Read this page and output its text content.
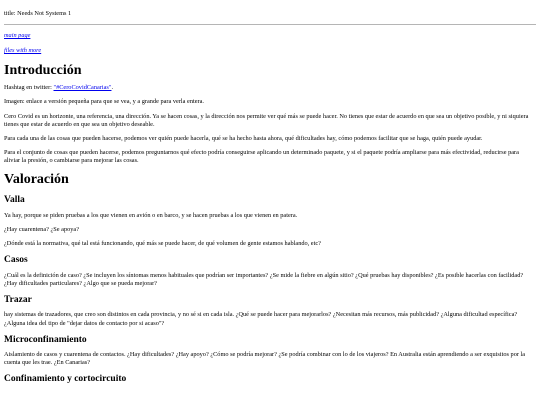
title: Needs Not Systems 1
main page
files with more
Introducción

Hashtag en twitter: "#CeroCovidCanarias".

Imagen: enlace a versión pequeña para que se vea, y a grande para verla entera.

Cero Covid es un horizonte, una referencia, una dirección. Ya se hacen cosas, y la dirección nos permite ver qué más se puede hacer. No tienes que estar de acuerdo en que sea un objetivo posible, y ni siquiera tienes que estar de acuerdo en que sea un objetivo deseable.

Para cada una de las cosas que pueden hacerse, podemos ver quién puede hacerla, qué se ha hecho hasta ahora, qué dificultades hay, cómo podemos facilitar que se haga, quién puede ayudar.

Para el conjunto de cosas que pueden hacerse, podemos preguntarnos qué efecto podría conseguirse aplicando un determinado paquete, y si el paquete podría ampliarse para más efectividad, reducirse para aliviar la presión, o cambiarse para mejorar las cosas.

Valoración
Valla

Ya hay, porque se piden pruebas a los que vienen en avión o en barco, y se hacen pruebas a los que vienen en patera.

¿Hay cuarentena? ¿Se apoya?

¿Dónde está la normativa, qué tal está funcionando, qué más se puede hacer, de qué volumen de gente estamos hablando, etc?

Casos

¿Cuál es la definición de caso? ¿Se incluyen los síntomas menos habituales que podrían ser importantes? ¿Se mide la fiebre en algún sitio? ¿Qué pruebas hay disponibles? ¿Es posible hacerlas con facilidad? ¿Hay dificultades particulares? ¿Algo que se pueda mejorar?

Trazar

hay sistemas de trazadores, que creo son distintos en cada provincia, y no sé si en cada isla. ¿Qué se puede hacer para mejorarlos? ¿Necesitan más recursos, más publicidad? ¿Alguna dificultad específica? ¿Alguna idea del tipo de "dejar datos de contacto por si acaso"?

Microconfinamiento

Aislamiento de casos y cuarentena de contactos. ¿Hay dificultades? ¿Hay apoyo? ¿Cómo se podría mejorar? ¿Se podría combinar con lo de los viajeros? En Australia están aprendiendo a ser exquisitos por la cuenta que les trae. ¿En Canarias?

Confinamiento y cortocircuito
